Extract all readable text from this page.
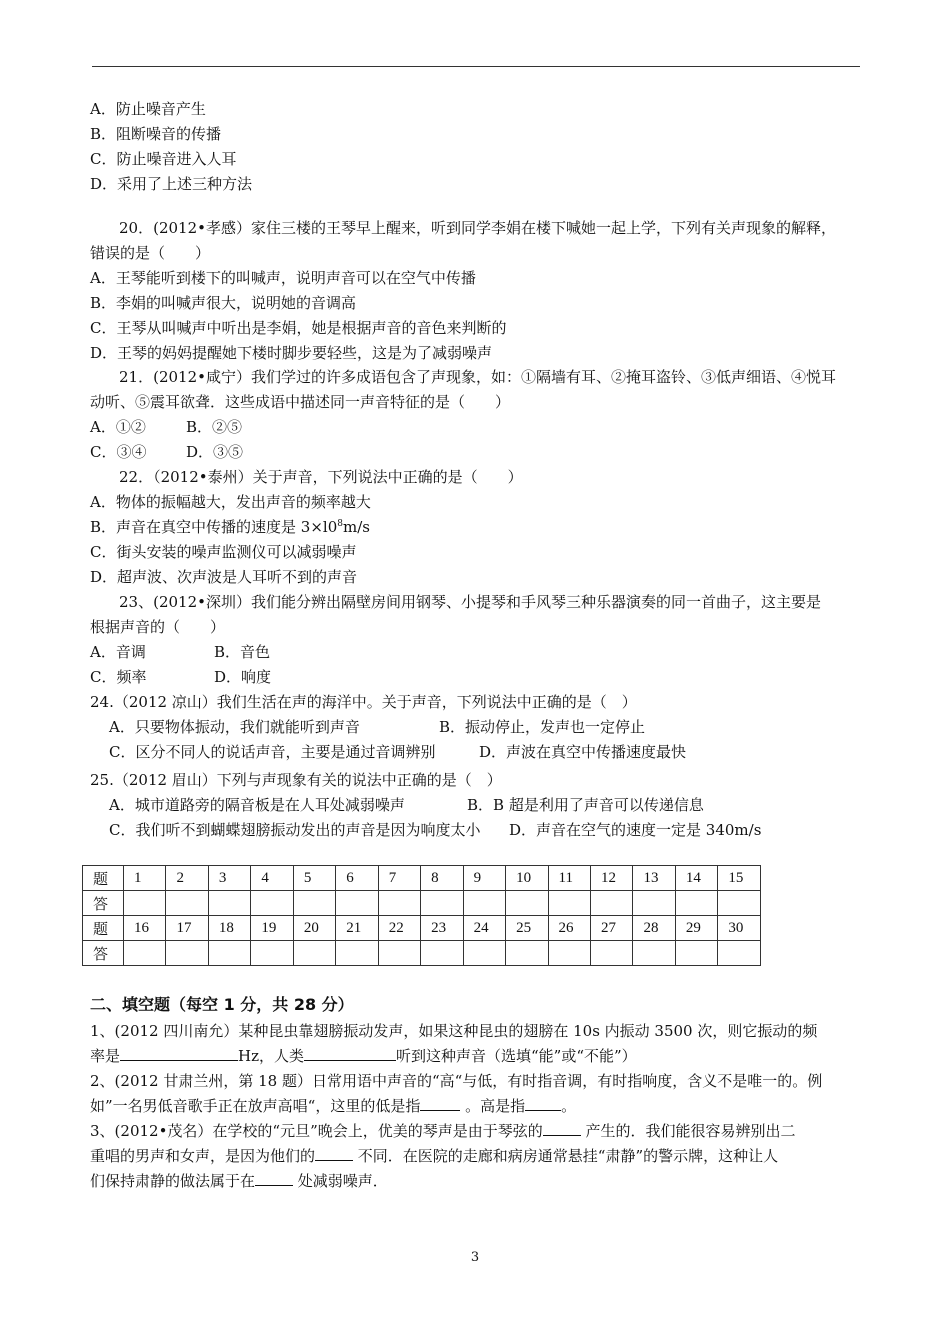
A．防止噪音产生
B．阻断噪音的传播
C．防止噪音进入人耳
D．采用了上述三种方法
20．(2012•孝感）家住三楼的王琴早上醒来，听到同学李娟在楼下喊她一起上学，下列有关声现象的解释，
错误的是（　　）
A．王琴能听到楼下的叫喊声，说明声音可以在空气中传播
B．李娟的叫喊声很大，说明她的音调高
C．王琴从叫喊声中听出是李娟，她是根据声音的音色来判断的
D．王琴的妈妈提醒她下楼时脚步要轻些，这是为了减弱噪声
21．(2012•咸宁）我们学过的许多成语包含了声现象，如：①隔墙有耳、②掩耳盗铃、③低声细语、④悦耳
动听、⑤震耳欲聋．这些成语中描述同一声音特征的是（　　）
A．①②	B．②⑤
C．③④	D．③⑤
22．（2012•泰州）关于声音，下列说法中正确的是（　　）
A．物体的振幅越大，发出声音的频率越大
B．声音在真空中传播的速度是 $3\times l0^8m/s$
C．街头安装的噪声监测仪可以减弱噪声
D．超声波、次声波是人耳听不到的声音
23、(2012•深圳）我们能分辨出隔壁房间用钢琴、小提琴和手风琴三种乐器演奏的同一首曲子，这主要是
根据声音的（　　）
A．音调	B．音色
C．频率	D．响度
24.（2012 凉山）我们生活在声的海洋中。关于声音，下列说法中正确的是（　）
A．只要物体振动，我们就能听到声音	B．振动停止，发声也一定停止
C．区分不同人的说话声音，主要是通过音调辨别	D．声波在真空中传播速度最快
25.（2012 眉山）下列与声现象有关的说法中正确的是（　）
A．城市道路旁的隔音板是在人耳处减弱噪声	B．B 超是利用了声音可以传递信息
C．我们听不到蝴蝶翅膀振动发出的声音是因为响度太小 D．声音在空气的速度一定是 340m/s
题	1	2	3	4	5	6	7	8	9	10	11	12	13	14	15
答															
题	16	17	18	19	20	21	22	23	24	25	26	27	28	29	30
答															
二、填空题（每空 1 分，共 28 分）
1、(2012 四川南允）某种昆虫靠翅膀振动发声，如果这种昆虫的翅膀在 10s 内振动 3500 次，则它振动的频
率是	Hz，人类	听到这种声音（选填“能”或“不能”）
2、(2012 甘肃兰州，第 18 题）日常用语中声音的“高“与低，有时指音调，有时指响度，含义不是唯一的。例
如”一名男低音歌手正在放声高唱“，这里的低是指	。高是指 。
3、(2012•茂名）在学校的“元旦”晚会上，优美的琴声是由于琴弦的	产生的．我们能很容易辨别出二
重唱的男声和女声，是因为他们的	不同．在医院的走廊和病房通常悬挂“肃静”的警示牌，这种让人
们保持肃静的做法属于在	处减弱噪声．
3
